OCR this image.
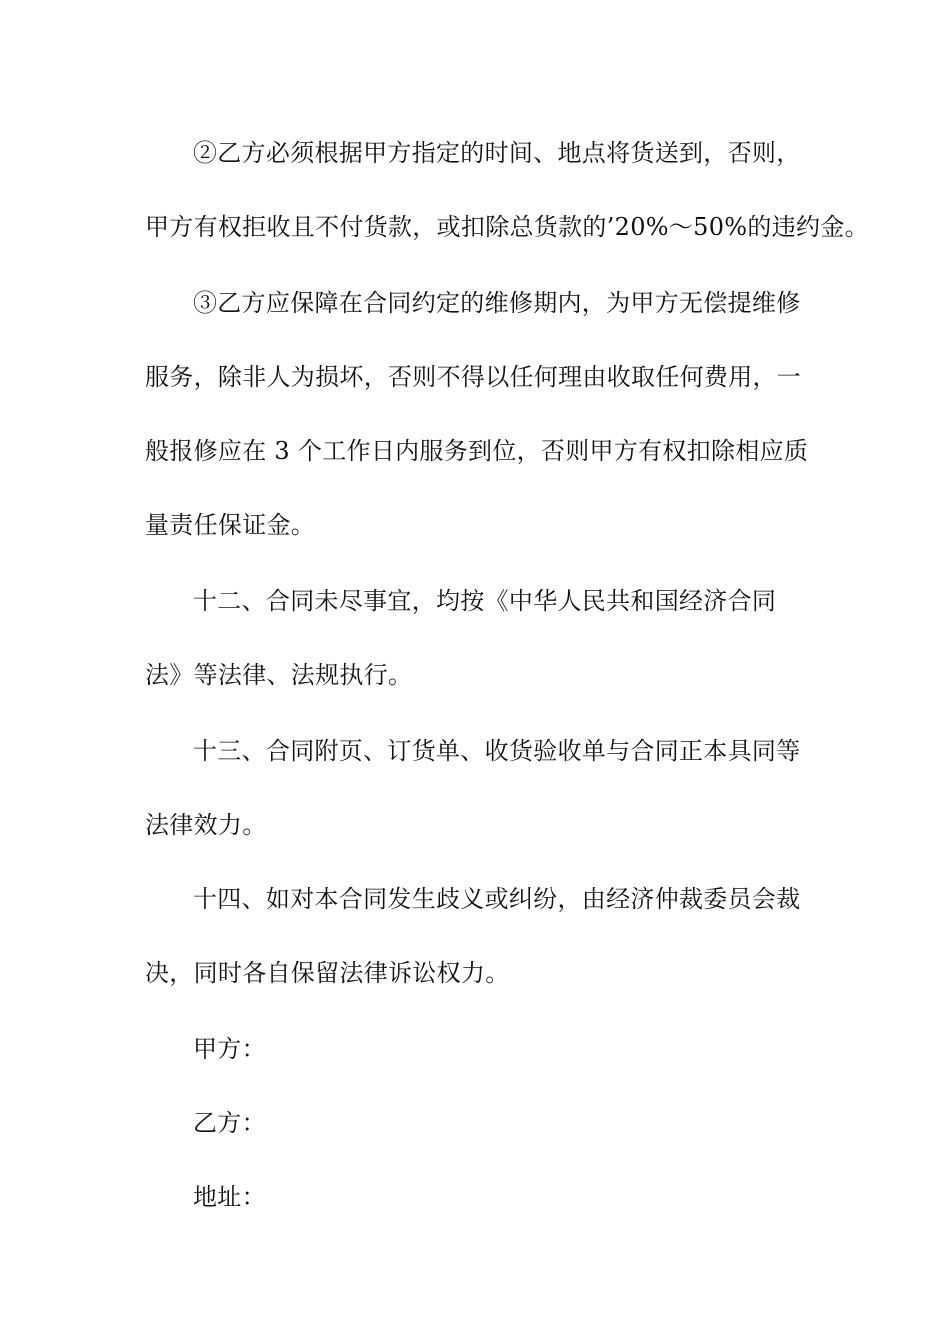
②乙方必须根据甲方指定的时间、地点将货送到，否则，
甲方有权拒收且不付货款，或扣除总货款的’20%～50%的违约金。
③乙方应保障在合同约定的维修期内，为甲方无偿提维修
服务，除非人为损坏，否则不得以任何理由收取任何费用，一
般报修应在 3 个工作日内服务到位，否则甲方有权扣除相应质
量责任保证金。
十二、合同未尽事宜，均按《中华人民共和国经济合同
法》等法律、法规执行。
十三、合同附页、订货单、收货验收单与合同正本具同等
法律效力。
十四、如对本合同发生歧义或纠纷，由经济仲裁委员会裁
决，同时各自保留法律诉讼权力。
甲方：
乙方：
地址：
